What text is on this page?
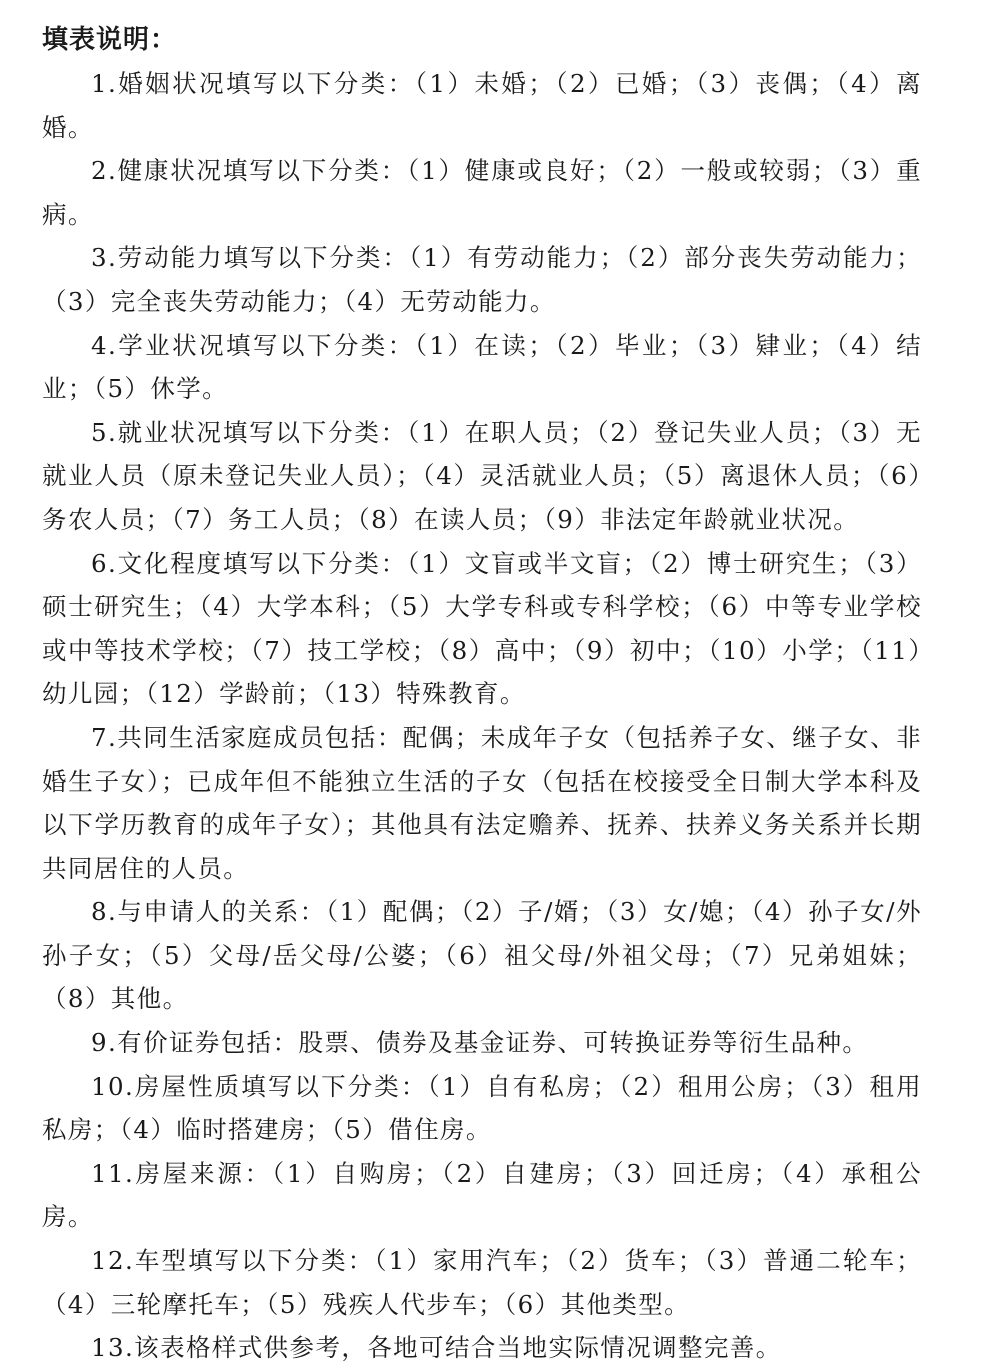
填表说明：

1.婚姻状况填写以下分类：（1）未婚；（2）已婚；（3）丧偶；（4）离婚。

2.健康状况填写以下分类：（1）健康或良好；（2）一般或较弱；（3）重病。

3.劳动能力填写以下分类：（1）有劳动能力；（2）部分丧失劳动能力；（3）完全丧失劳动能力；（4）无劳动能力。

4.学业状况填写以下分类：（1）在读；（2）毕业；（3）肄业；（4）结业；（5）休学。

5.就业状况填写以下分类：（1）在职人员；（2）登记失业人员；（3）无就业人员（原未登记失业人员）；（4）灵活就业人员；（5）离退休人员；（6）务农人员；（7）务工人员；（8）在读人员；（9）非法定年龄就业状况。

6.文化程度填写以下分类：（1）文盲或半文盲；（2）博士研究生；（3）硕士研究生；（4）大学本科；（5）大学专科或专科学校；（6）中等专业学校或中等技术学校；（7）技工学校；（8）高中；（9）初中；（10）小学；（11）幼儿园；（12）学龄前；（13）特殊教育。

7.共同生活家庭成员包括：配偶；未成年子女（包括养子女、继子女、非婚生子女）；已成年但不能独立生活的子女（包括在校接受全日制大学本科及以下学历教育的成年子女）；其他具有法定赡养、抚养、扶养义务关系并长期共同居住的人员。

8.与申请人的关系：（1）配偶；（2）子/婿；（3）女/媳；（4）孙子女/外孙子女；（5）父母/岳父母/公婆；（6）祖父母/外祖父母；（7）兄弟姐妹；（8）其他。

9.有价证券包括：股票、债券及基金证券、可转换证券等衍生品种。

10.房屋性质填写以下分类：（1）自有私房；（2）租用公房；（3）租用私房；（4）临时搭建房；（5）借住房。

11.房屋来源：（1）自购房；（2）自建房；（3）回迁房；（4）承租公房。

12.车型填写以下分类：（1）家用汽车；（2）货车；（3）普通二轮车；（4）三轮摩托车；（5）残疾人代步车；（6）其他类型。

13.该表格样式供参考，各地可结合当地实际情况调整完善。
